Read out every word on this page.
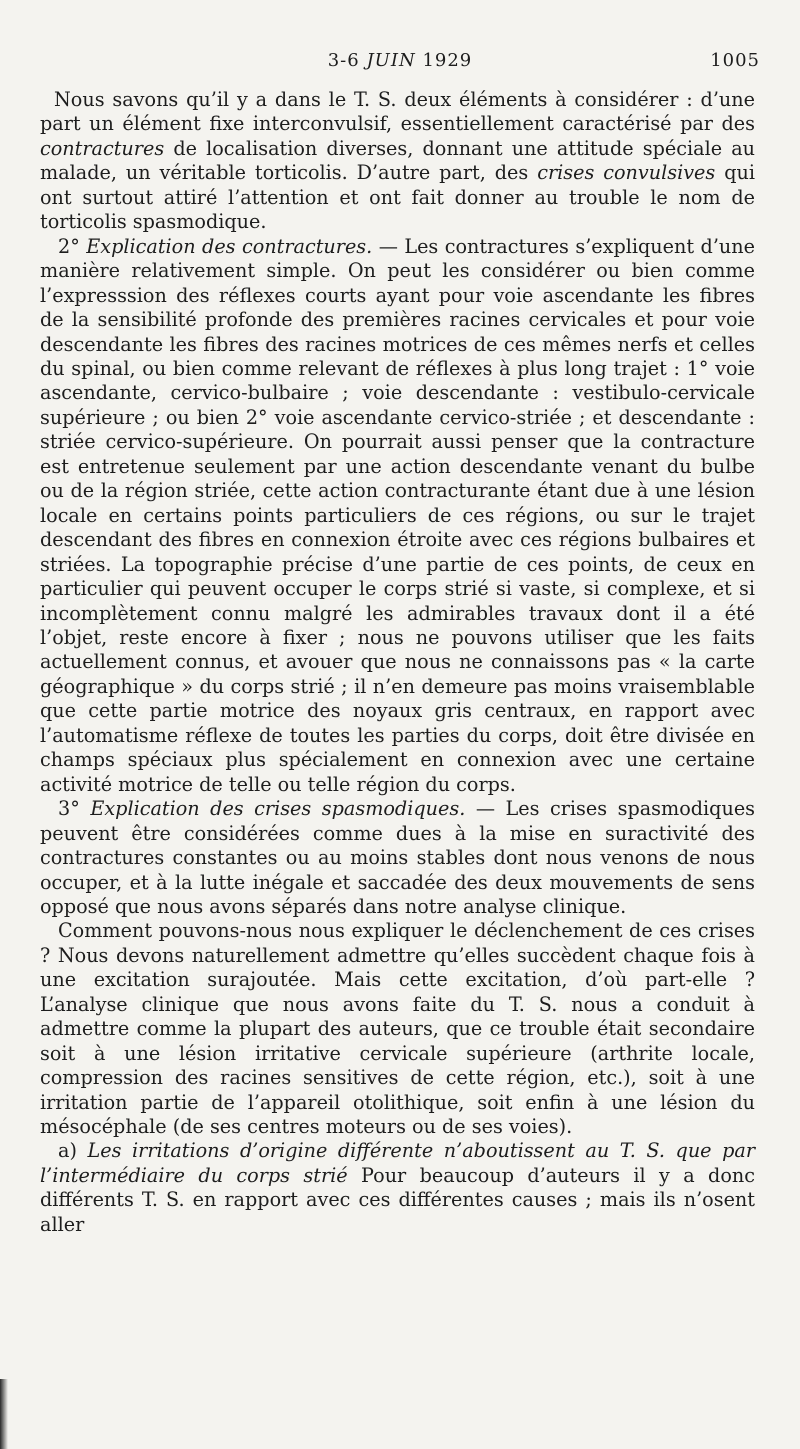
3-6 JUIN 1929	1005

Nous savons qu’il y a dans le T. S. deux éléments à considérer : d’une part un élément fixe interconvulsif, essentiellement caractérisé par des contractures de localisation diverses, donnant une attitude spéciale au malade, un véritable torticolis. D’autre part, des crises convulsives qui ont surtout attiré l’attention et ont fait donner au trouble le nom de torticolis spasmodique.

2° Explication des contractures. — Les contractures s’expliquent d’une manière relativement simple. On peut les considérer ou bien comme l’expresssion des réflexes courts ayant pour voie ascendante les fibres de la sensibilité profonde des premières racines cervicales et pour voie descendante les fibres des racines motrices de ces mêmes nerfs et celles du spinal, ou bien comme relevant de réflexes à plus long trajet : 1° voie ascendante, cervico-bulbaire ; voie descendante : vestibulo-cervicale supérieure ; ou bien 2° voie ascendante cervico-striée ; et descendante : striée cervico-supérieure. On pourrait aussi penser que la contracture est entretenue seulement par une action descendante venant du bulbe ou de la région striée, cette action contracturante étant due à une lésion locale en certains points particuliers de ces régions, ou sur le trajet descendant des fibres en connexion étroite avec ces régions bulbaires et striées. La topographie précise d’une partie de ces points, de ceux en particulier qui peuvent occuper le corps strié si vaste, si complexe, et si incomplètement connu malgré les admirables travaux dont il a été l’objet, reste encore à fixer ; nous ne pouvons utiliser que les faits actuellement connus, et avouer que nous ne connaissons pas « la carte géographique » du corps strié ; il n’en demeure pas moins vraisemblable que cette partie motrice des noyaux gris centraux, en rapport avec l’automatisme réflexe de toutes les parties du corps, doit être divisée en champs spéciaux plus spécialement en connexion avec une certaine activité motrice de telle ou telle région du corps.

3° Explication des crises spasmodiques. — Les crises spasmodiques peuvent être considérées comme dues à la mise en suractivité des contractures constantes ou au moins stables dont nous venons de nous occuper, et à la lutte inégale et saccadée des deux mouvements de sens opposé que nous avons séparés dans notre analyse clinique.

Comment pouvons-nous nous expliquer le déclenchement de ces crises ? Nous devons naturellement admettre qu’elles succèdent chaque fois à une excitation surajoutée. Mais cette excitation, d’où part-elle ? L’analyse clinique que nous avons faite du T. S. nous a conduit à admettre comme la plupart des auteurs, que ce trouble était secondaire soit à une lésion irritative cervicale supérieure (arthrite locale, compression des racines sensitives de cette région, etc.), soit à une irritation partie de l’appareil otolithique, soit enfin à une lésion du mésocéphale (de ses centres moteurs ou de ses voies).

a) Les irritations d’origine différente n’aboutissent au T. S. que par l’intermédiaire du corps strié Pour beaucoup d’auteurs il y a donc différents T. S. en rapport avec ces différentes causes ; mais ils n’osent aller
